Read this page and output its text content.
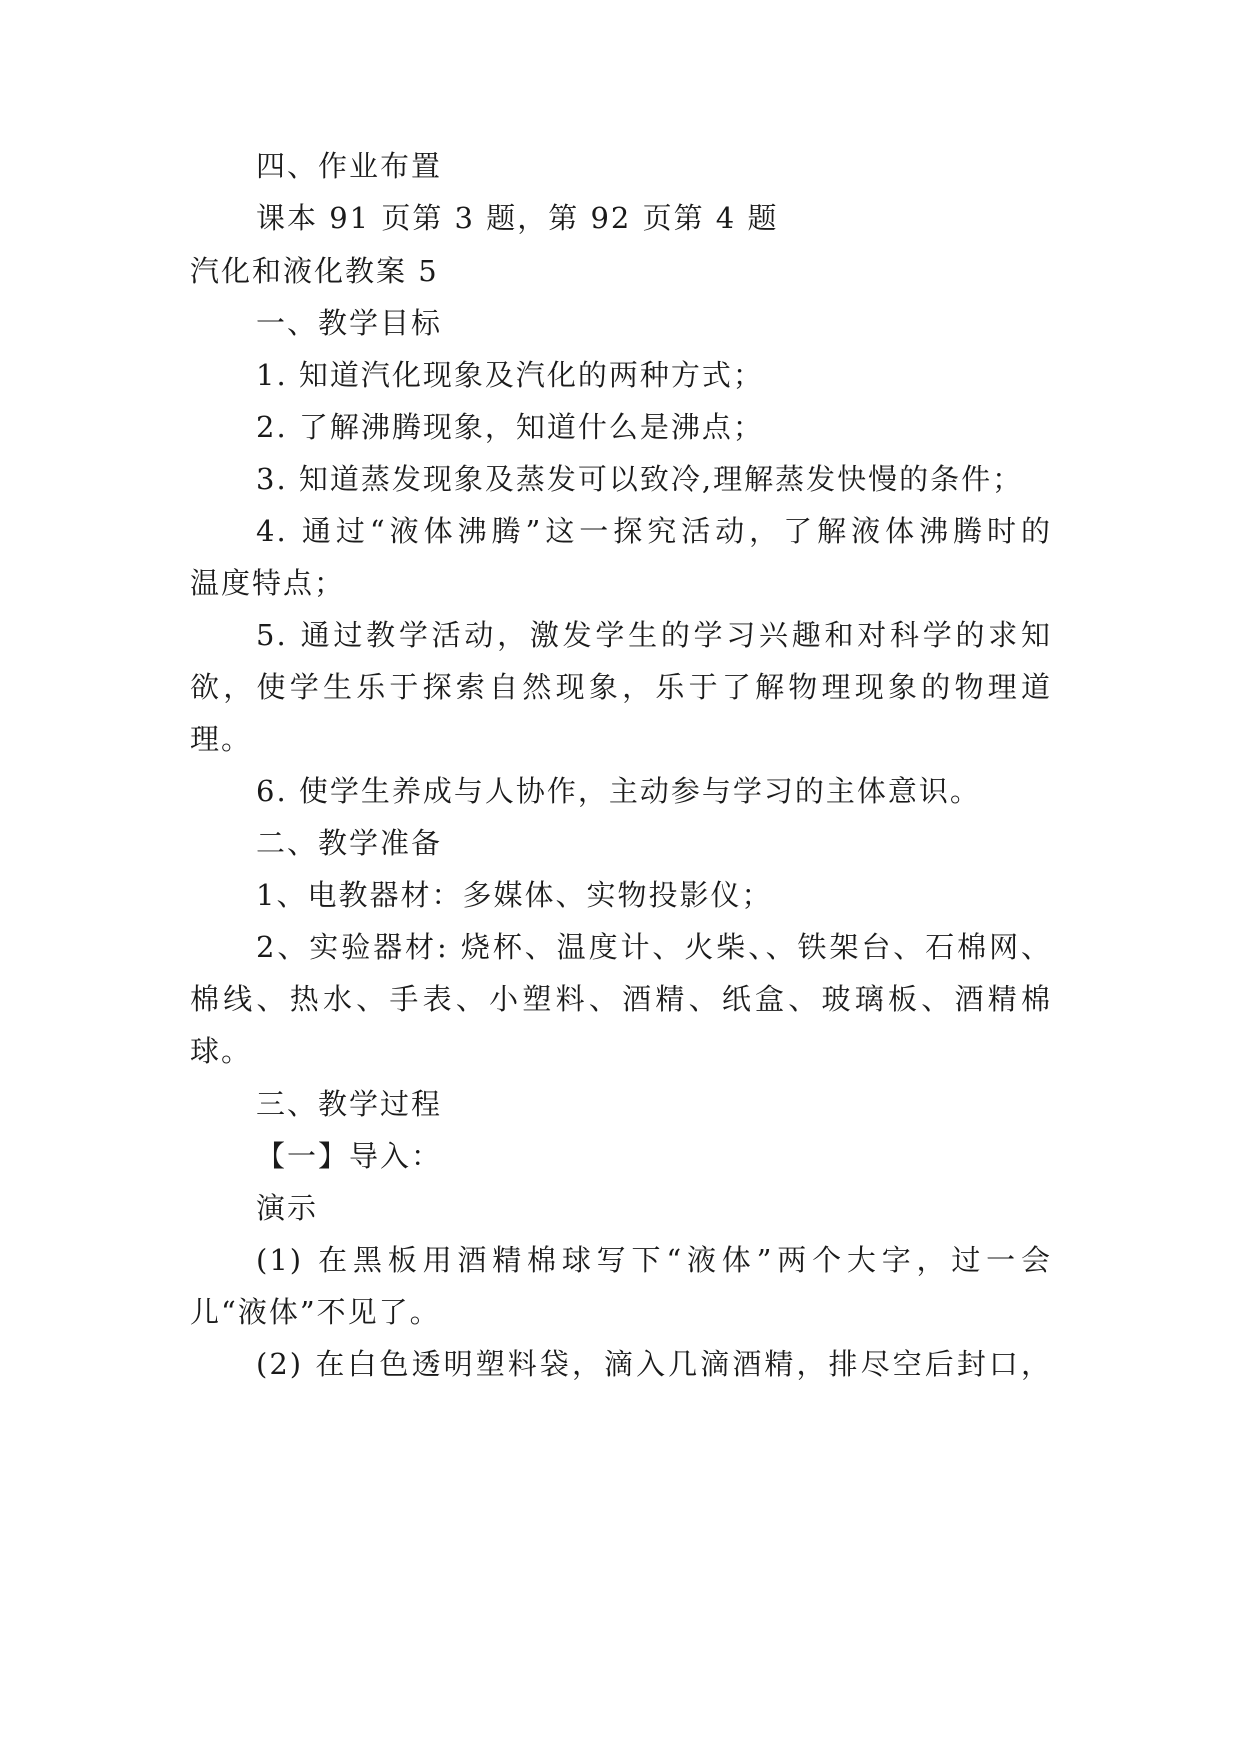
四、作业布置
课本 91 页第 3 题，第 92 页第 4 题
汽化和液化教案 5
一、教学目标
1. 知道汽化现象及汽化的两种方式；
2. 了解沸腾现象，知道什么是沸点；
3. 知道蒸发现象及蒸发可以致冷,理解蒸发快慢的条件；
4. 通过“液体沸腾”这一探究活动，了解液体沸腾时的
温度特点；
5. 通过教学活动，激发学生的学习兴趣和对科学的求知
欲，使学生乐于探索自然现象，乐于了解物理现象的物理道
理。
6. 使学生养成与人协作，主动参与学习的主体意识。
二、教学准备
1、电教器材：多媒体、实物投影仪；
2、实验器材: 烧杯、温度计、火柴、、铁架台、石棉网、
棉线、热水、手表、小塑料、酒精、纸盒、玻璃板、酒精棉
球。
三、教学过程
【一】导入：
演示
(1) 在黑板用酒精棉球写下“液体”两个大字，过一会
儿“液体”不见了。
(2) 在白色透明塑料袋，滴入几滴酒精，排尽空后封口，
